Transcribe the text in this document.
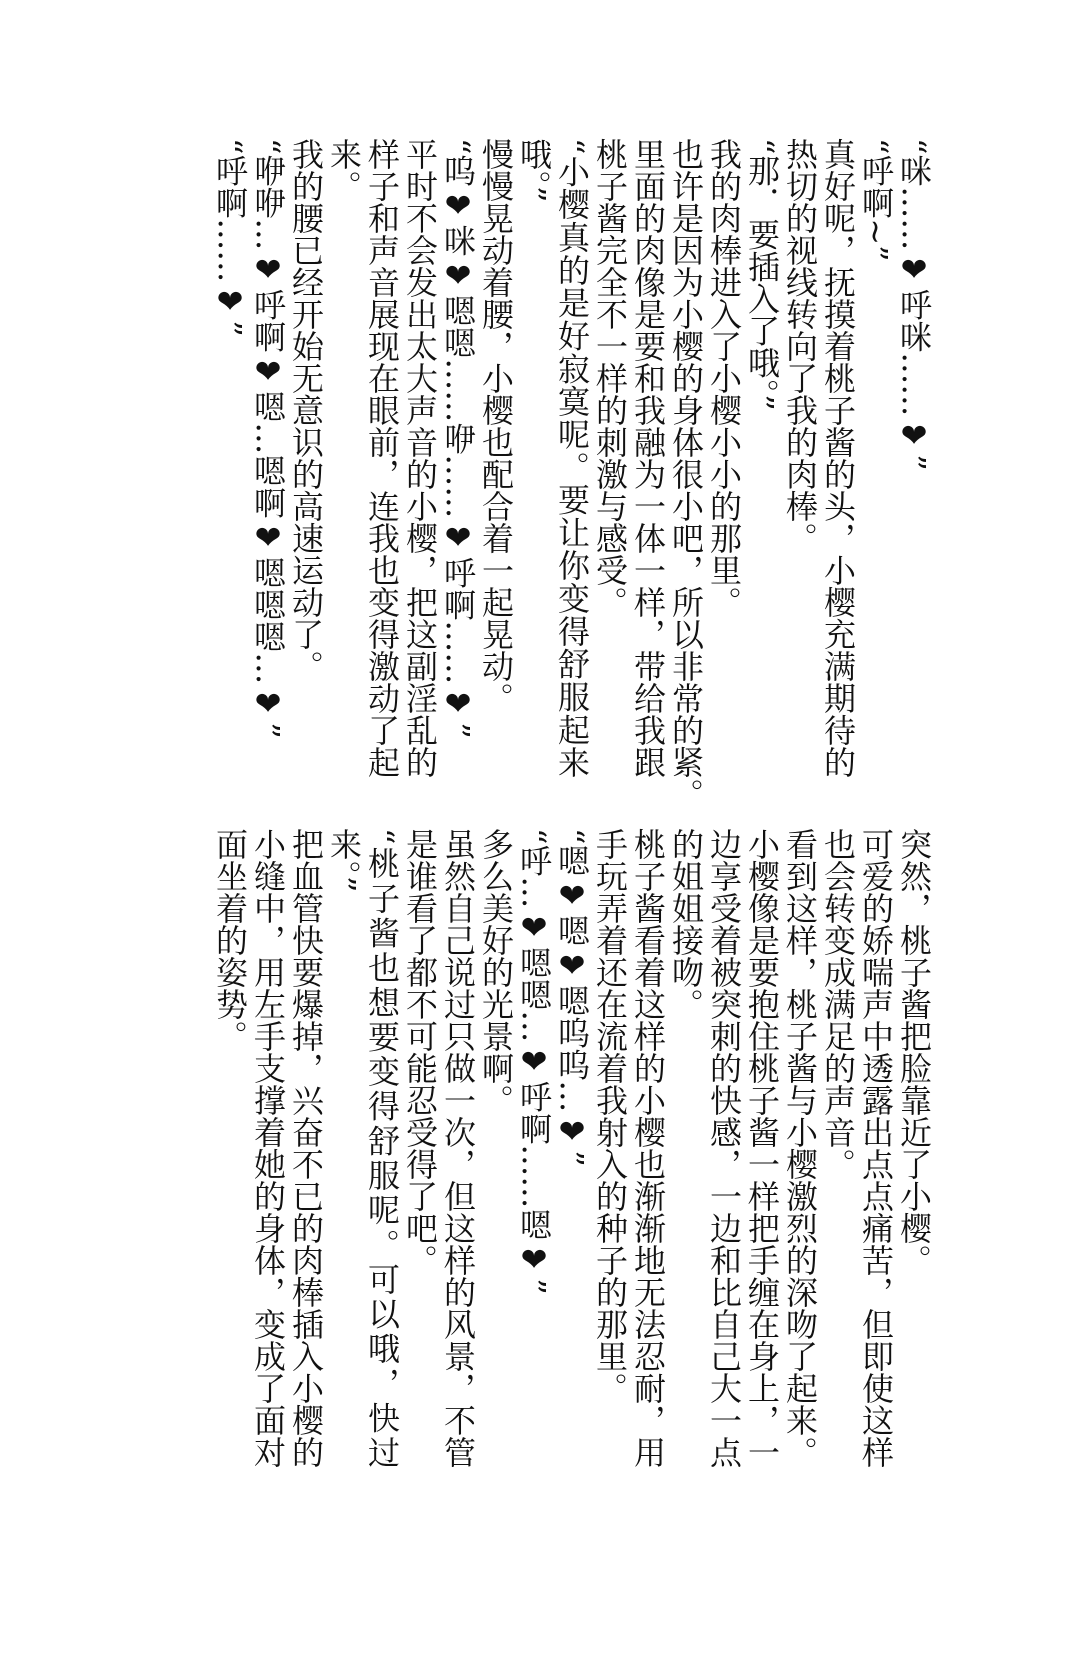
“咪……❤呼咪……❤”

“呼啊~”

真好呢，抚摸着桃子酱的头，小樱充满期待的

热切的视线转向了我的肉棒。

“那．要插入了哦。”

我的肉棒进入了小樱小小的那里。

也许是因为小樱的身体很小吧，所以非常的紧。

里面的肉像是要和我融为一体一样，带给我跟

桃子酱完全不一样的刺激与感受。

“小樱真的是好寂寞呢。要让你变得舒服起来

哦。”

慢慢晃动着腰，小樱也配合着一起晃动。

“呜❤咪❤嗯嗯……咿……❤呼啊……❤”

平时不会发出太大声音的小樱，把这副淫乱的

样子和声音展现在眼前，连我也变得激动了起

来。

我的腰已经开始无意识的高速运动了。

“咿咿…❤呼啊❤嗯…嗯啊❤嗯嗯嗯…❤”

“呼啊……❤”

突然，桃子酱把脸靠近了小樱。

可爱的娇喘声中透露出点点痛苦，但即使这样

也会转变成满足的声音。

看到这样，桃子酱与小樱激烈的深吻了起来。

小樱像是要抱住桃子酱一样把手缠在身上，一

边享受着被突刺的快感，一边和比自己大一点

的姐姐接吻。

桃子酱看着这样的小樱也渐渐地无法忍耐，用

手玩弄着还在流着我射入的种子的那里。

“嗯❤嗯❤嗯呜呜…❤”

“呼…❤嗯嗯…❤呼啊……嗯❤”

多么美好的光景啊。

虽然自己说过只做一次，但这样的风景，不管

是谁看了都不可能忍受得了吧。

“桃子酱也想要变得舒服呢。可以哦，快过

来。”

把血管快要爆掉，兴奋不已的肉棒插入小樱的

小缝中，用左手支撑着她的身体，变成了面对

面坐着的姿势。
